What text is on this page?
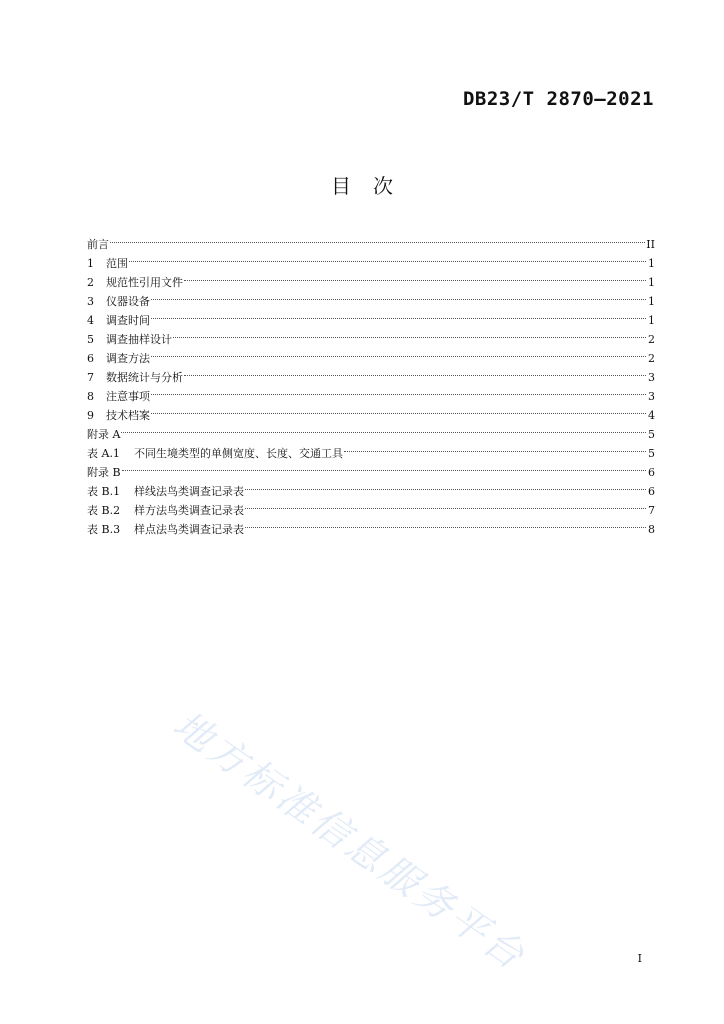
DB23/T 2870—2021
目 次
前言	II
1	范围	1
2	规范性引用文件	1
3	仪器设备	1
4	调查时间	1
5	调查抽样设计	2
6	调查方法	2
7	数据统计与分析	3
8	注意事项	3
9	技术档案	4
附录 A	5
表 A.1	不同生境类型的单侧宽度、长度、交通工具	5
附录 B	6
表 B.1	样线法鸟类调查记录表	6
表 B.2	样方法鸟类调查记录表	7
表 B.3	样点法鸟类调查记录表	8
地方标准信息服务平台	I
